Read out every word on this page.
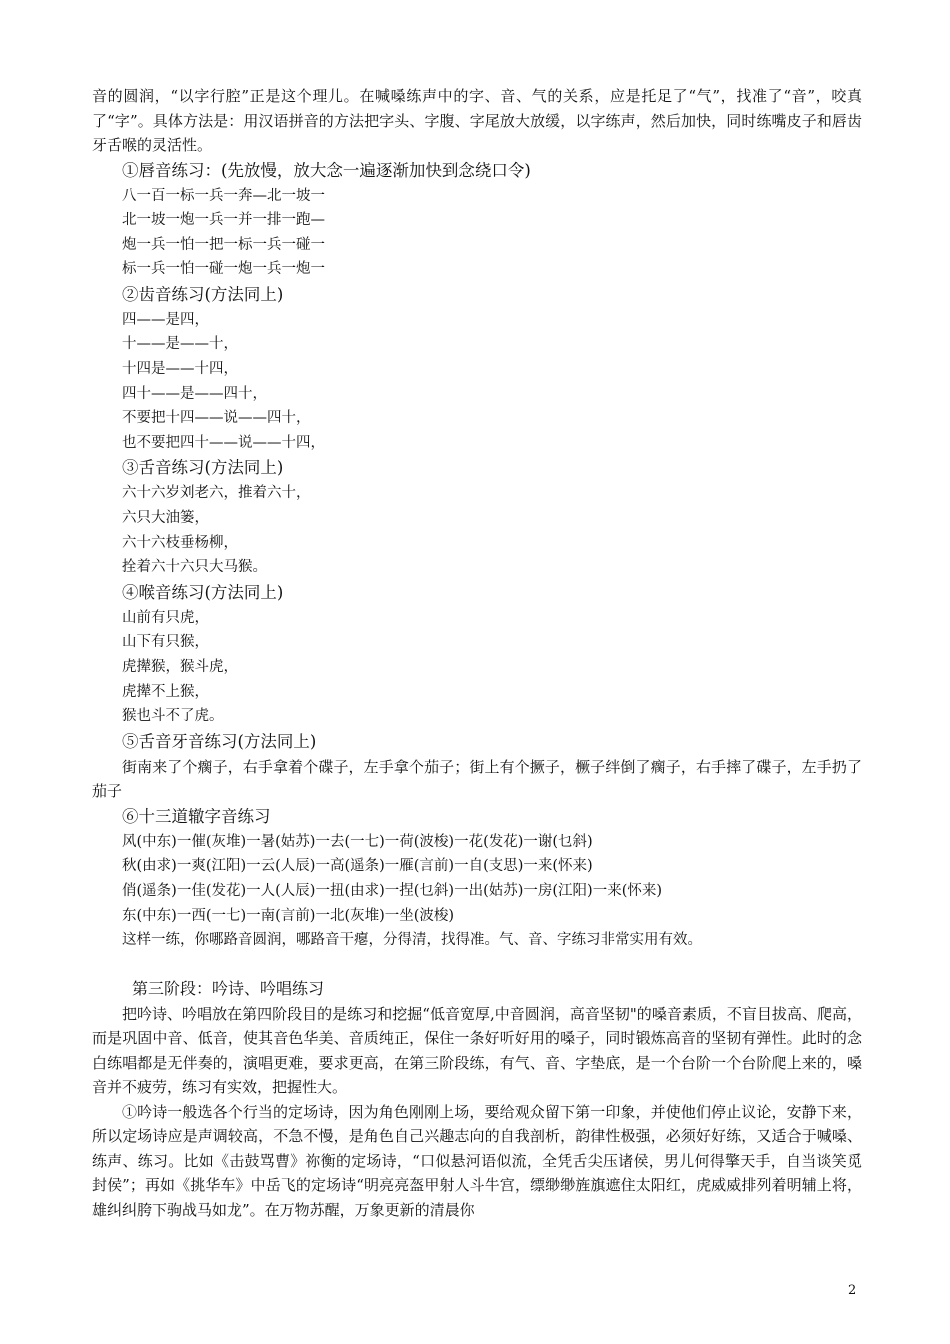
音的圆润，“以字行腔”正是这个理儿。在喊嗓练声中的字、音、气的关系，应是托足了“气”，找准了“音”，咬真了“字”。具体方法是：用汉语拼音的方法把字头、字腹、字尾放大放缓，以字练声，然后加快，同时练嘴皮子和唇齿牙舌喉的灵活性。

①唇音练习：(先放慢，放大念一遍逐渐加快到念绕口令)

八一百一标一兵一奔—北一坡一

北一坡一炮一兵一并一排一跑—

炮一兵一怕一把一标一兵一碰一

标一兵一怕一碰一炮一兵一炮一

②齿音练习(方法同上)

四——是四，

十——是——十，

十四是——十四，

四十——是——四十，

不要把十四——说——四十，

也不要把四十——说——十四，

③舌音练习(方法同上)

六十六岁刘老六，推着六十，

六只大油篓，

六十六枝垂杨柳，

拴着六十六只大马猴。

④喉音练习(方法同上)

山前有只虎，

山下有只猴，

虎撵猴，猴斗虎，

虎撵不上猴，

猴也斗不了虎。

⑤舌音牙音练习(方法同上)

街南来了个瘸子，右手拿着个碟子，左手拿个茄子；街上有个撅子，橛子绊倒了瘸子，右手摔了碟子，左手扔了茄子

⑥十三道辙字音练习

风(中东)一催(灰堆)一暑(姑苏)一去(一七)一荷(波梭)一花(发花)一谢(乜斜)

秋(由求)一爽(江阳)一云(人辰)一高(遥条)一雁(言前)一自(支思)一来(怀来)

俏(遥条)一佳(发花)一人(人辰)一扭(由求)一捏(乜斜)一出(姑苏)一房(江阳)一来(怀来)

东(中东)一西(一七)一南(言前)一北(灰堆)一坐(波梭)

这样一练，你哪路音圆润，哪路音干瘪，分得清，找得准。气、音、字练习非常实用有效。

第三阶段：吟诗、吟唱练习

把吟诗、吟唱放在第四阶段目的是练习和挖掘“低音宽厚,中音圆润，高音坚韧"的嗓音素质，不盲目拔高、爬高，而是巩固中音、低音，使其音色华美、音质纯正，保住一条好听好用的嗓子，同时锻炼高音的坚韧有弹性。此时的念白练唱都是无伴奏的，演唱更难，要求更高，在第三阶段练，有气、音、字垫底，是一个台阶一个台阶爬上来的，嗓音并不疲劳，练习有实效，把握性大。

①吟诗一般选各个行当的定场诗，因为角色刚刚上场，要给观众留下第一印象，并使他们停止议论，安静下来，所以定场诗应是声调较高，不急不慢，是角色自己兴趣志向的自我剖析，韵律性极强，必须好好练，又适合于喊嗓、练声、练习。比如《击鼓骂曹》祢衡的定场诗，“口似悬河语似流，全凭舌尖压诸侯，男儿何得擎天手，自当谈笑觅封侯”；再如《挑华车》中岳飞的定场诗“明亮亮盔甲射人斗牛宫，缥缈缈旌旗遮住太阳红，虎威威排列着明辅上将，雄纠纠胯下驹战马如龙”。在万物苏醒，万象更新的清晨你

2
